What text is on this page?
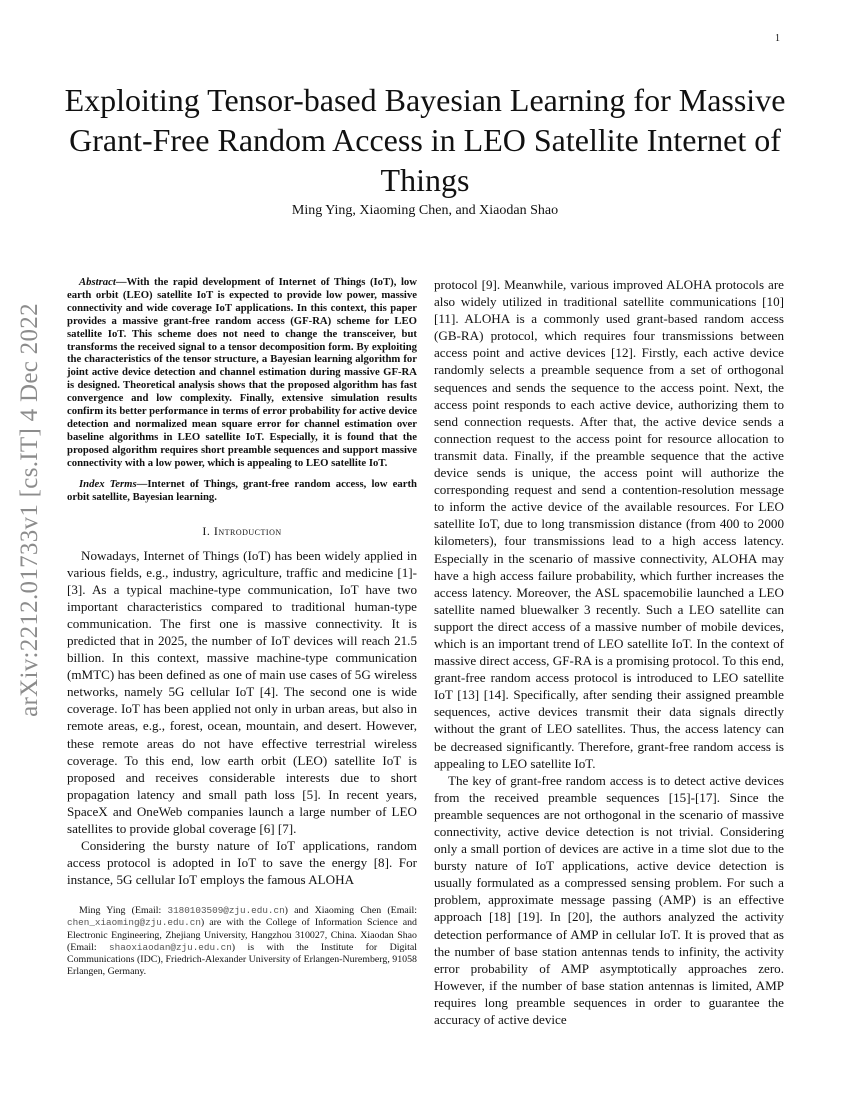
1
arXiv:2212.01733v1 [cs.IT] 4 Dec 2022
Exploiting Tensor-based Bayesian Learning for Massive Grant-Free Random Access in LEO Satellite Internet of Things

Ming Ying, Xiaoming Chen, and Xiaodan Shao

Abstract—With the rapid development of Internet of Things (IoT), low earth orbit (LEO) satellite IoT is expected to provide low power, massive connectivity and wide coverage IoT applications. In this context, this paper provides a massive grant-free random access (GF-RA) scheme for LEO satellite IoT. This scheme does not need to change the transceiver, but transforms the received signal to a tensor decomposition form. By exploiting the characteristics of the tensor structure, a Bayesian learning algorithm for joint active device detection and channel estimation during massive GF-RA is designed. Theoretical analysis shows that the proposed algorithm has fast convergence and low complexity. Finally, extensive simulation results confirm its better performance in terms of error probability for active device detection and normalized mean square error for channel estimation over baseline algorithms in LEO satellite IoT. Especially, it is found that the proposed algorithm requires short preamble sequences and support massive connectivity with a low power, which is appealing to LEO satellite IoT.

Index Terms—Internet of Things, grant-free random access, low earth orbit satellite, Bayesian learning.

I. Introduction

Nowadays, Internet of Things (IoT) has been widely applied in various fields, e.g., industry, agriculture, traffic and medicine [1]-[3]. As a typical machine-type communication, IoT have two important characteristics compared to traditional human-type communication. The first one is massive connectivity. It is predicted that in 2025, the number of IoT devices will reach 21.5 billion. In this context, massive machine-type communication (mMTC) has been defined as one of main use cases of 5G wireless networks, namely 5G cellular IoT [4]. The second one is wide coverage. IoT has been applied not only in urban areas, but also in remote areas, e.g., forest, ocean, mountain, and desert. However, these remote areas do not have effective terrestrial wireless coverage. To this end, low earth orbit (LEO) satellite IoT is proposed and receives considerable interests due to short propagation latency and small path loss [5]. In recent years, SpaceX and OneWeb companies launch a large number of LEO satellites to provide global coverage [6] [7].

Considering the bursty nature of IoT applications, random access protocol is adopted in IoT to save the energy [8]. For instance, 5G cellular IoT employs the famous ALOHA

Ming Ying (Email: 3180103509@zju.edu.cn) and Xiaoming Chen (Email: chen_xiaoming@zju.edu.cn) are with the College of Information Science and Electronic Engineering, Zhejiang University, Hangzhou 310027, China. Xiaodan Shao (Email: shaoxiaodan@zju.edu.cn) is with the Institute for Digital Communications (IDC), Friedrich-Alexander University of Erlangen-Nuremberg, 91058 Erlangen, Germany.

protocol [9]. Meanwhile, various improved ALOHA protocols are also widely utilized in traditional satellite communications [10] [11]. ALOHA is a commonly used grant-based random access (GB-RA) protocol, which requires four transmissions between access point and active devices [12]. Firstly, each active device randomly selects a preamble sequence from a set of orthogonal sequences and sends the sequence to the access point. Next, the access point responds to each active device, authorizing them to send connection requests. After that, the active device sends a connection request to the access point for resource allocation to transmit data. Finally, if the preamble sequence that the active device sends is unique, the access point will authorize the corresponding request and send a contention-resolution message to inform the active device of the available resources. For LEO satellite IoT, due to long transmission distance (from 400 to 2000 kilometers), four transmissions lead to a high access latency. Especially in the scenario of massive connectivity, ALOHA may have a high access failure probability, which further increases the access latency. Moreover, the ASL spacemobilie launched a LEO satellite named bluewalker 3 recently. Such a LEO satellite can support the direct access of a massive number of mobile devices, which is an important trend of LEO satellite IoT. In the context of massive direct access, GF-RA is a promising protocol. To this end, grant-free random access protocol is introduced to LEO satellite IoT [13] [14]. Specifically, after sending their assigned preamble sequences, active devices transmit their data signals directly without the grant of LEO satellites. Thus, the access latency can be decreased significantly. Therefore, grant-free random access is appealing to LEO satellite IoT.

The key of grant-free random access is to detect active devices from the received preamble sequences [15]-[17]. Since the preamble sequences are not orthogonal in the scenario of massive connectivity, active device detection is not trivial. Considering only a small portion of devices are active in a time slot due to the bursty nature of IoT applications, active device detection is usually formulated as a compressed sensing problem. For such a problem, approximate message passing (AMP) is an effective approach [18] [19]. In [20], the authors analyzed the activity detection performance of AMP in cellular IoT. It is proved that as the number of base station antennas tends to infinity, the activity error probability of AMP asymptotically approaches zero. However, if the number of base station antennas is limited, AMP requires long preamble sequences in order to guarantee the accuracy of active device
